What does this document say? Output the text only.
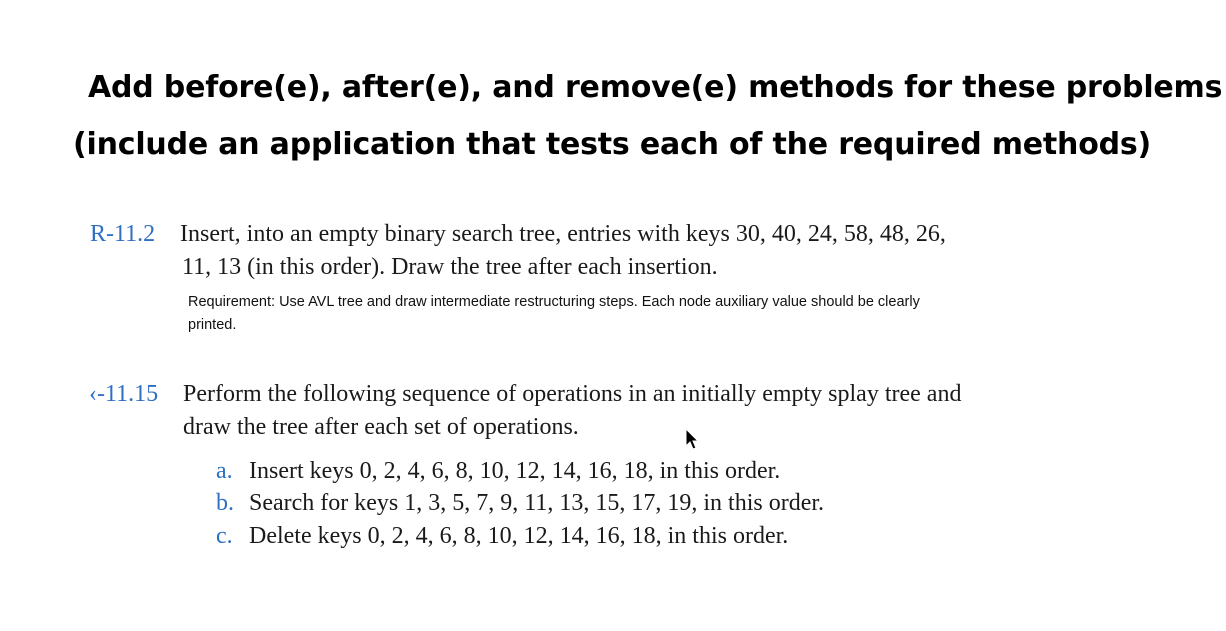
Add before(e), after(e), and remove(e) methods for these problems
(include an application that tests each of the required methods)
R-11.2 Insert, into an empty binary search tree, entries with keys 30, 40, 24, 58, 48, 26,
11, 13 (in this order). Draw the tree after each insertion.
Requirement: Use AVL tree and draw intermediate restructuring steps. Each node auxiliary value should be clearly
printed.
‹-11.15 Perform the following sequence of operations in an initially empty splay tree and
draw the tree after each set of operations.
a. Insert keys 0, 2, 4, 6, 8, 10, 12, 14, 16, 18, in this order.
b. Search for keys 1, 3, 5, 7, 9, 11, 13, 15, 17, 19, in this order.
c. Delete keys 0, 2, 4, 6, 8, 10, 12, 14, 16, 18, in this order.
